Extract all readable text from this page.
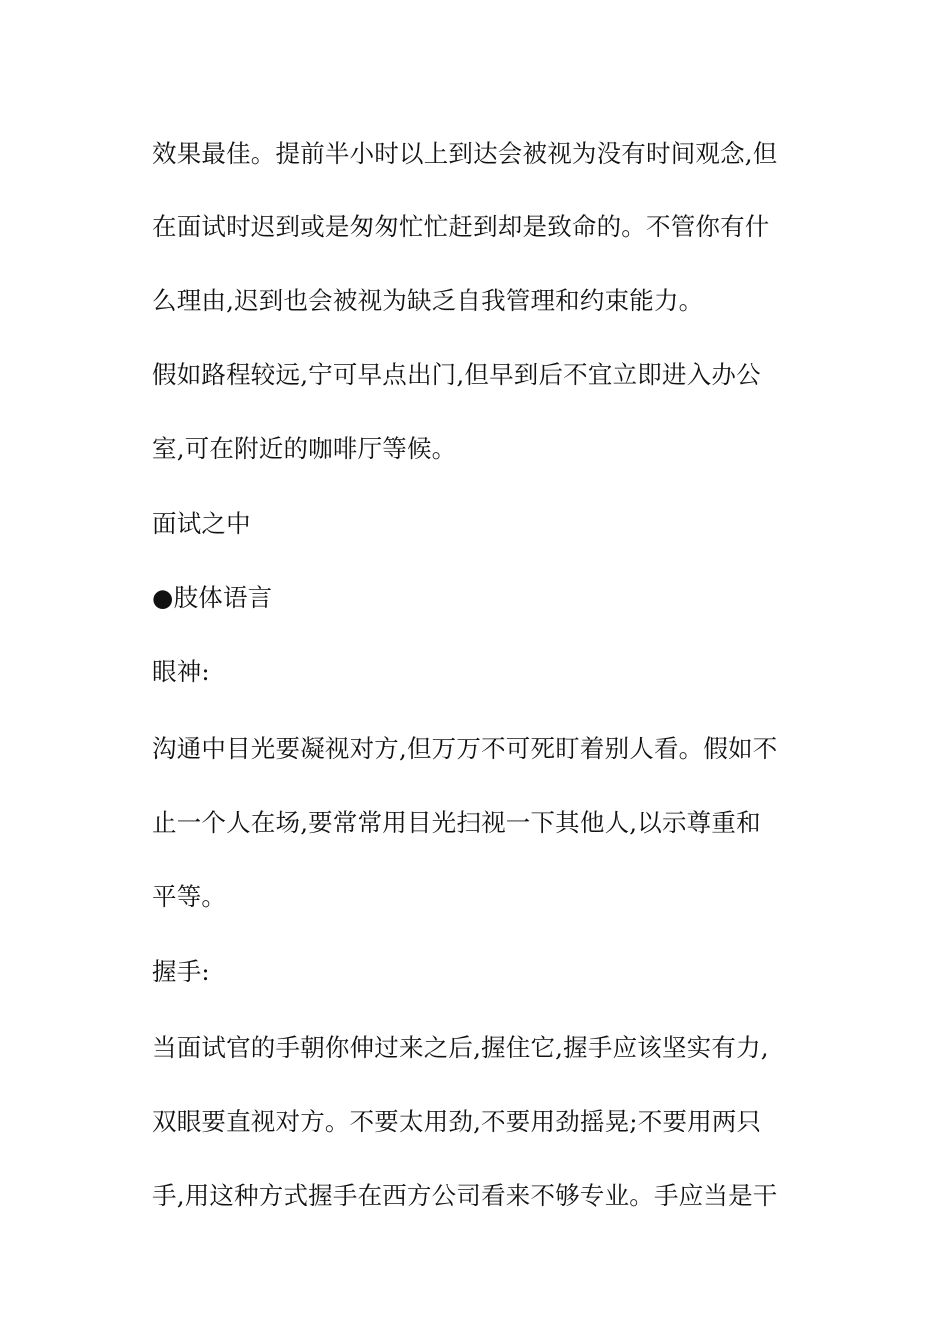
效果最佳。提前半小时以上到达会被视为没有时间观念,但
在面试时迟到或是匆匆忙忙赶到却是致命的。不管你有什
么理由,迟到也会被视为缺乏自我管理和约束能力。
假如路程较远,宁可早点出门,但早到后不宜立即进入办公
室,可在附近的咖啡厅等候。
面试之中
●肢体语言
眼神:
沟通中目光要凝视对方,但万万不可死盯着别人看。假如不
止一个人在场,要常常用目光扫视一下其他人,以示尊重和
平等。
握手:
当面试官的手朝你伸过来之后,握住它,握手应该坚实有力,
双眼要直视对方。不要太用劲,不要用劲摇晃;不要用两只
手,用这种方式握手在西方公司看来不够专业。手应当是干
